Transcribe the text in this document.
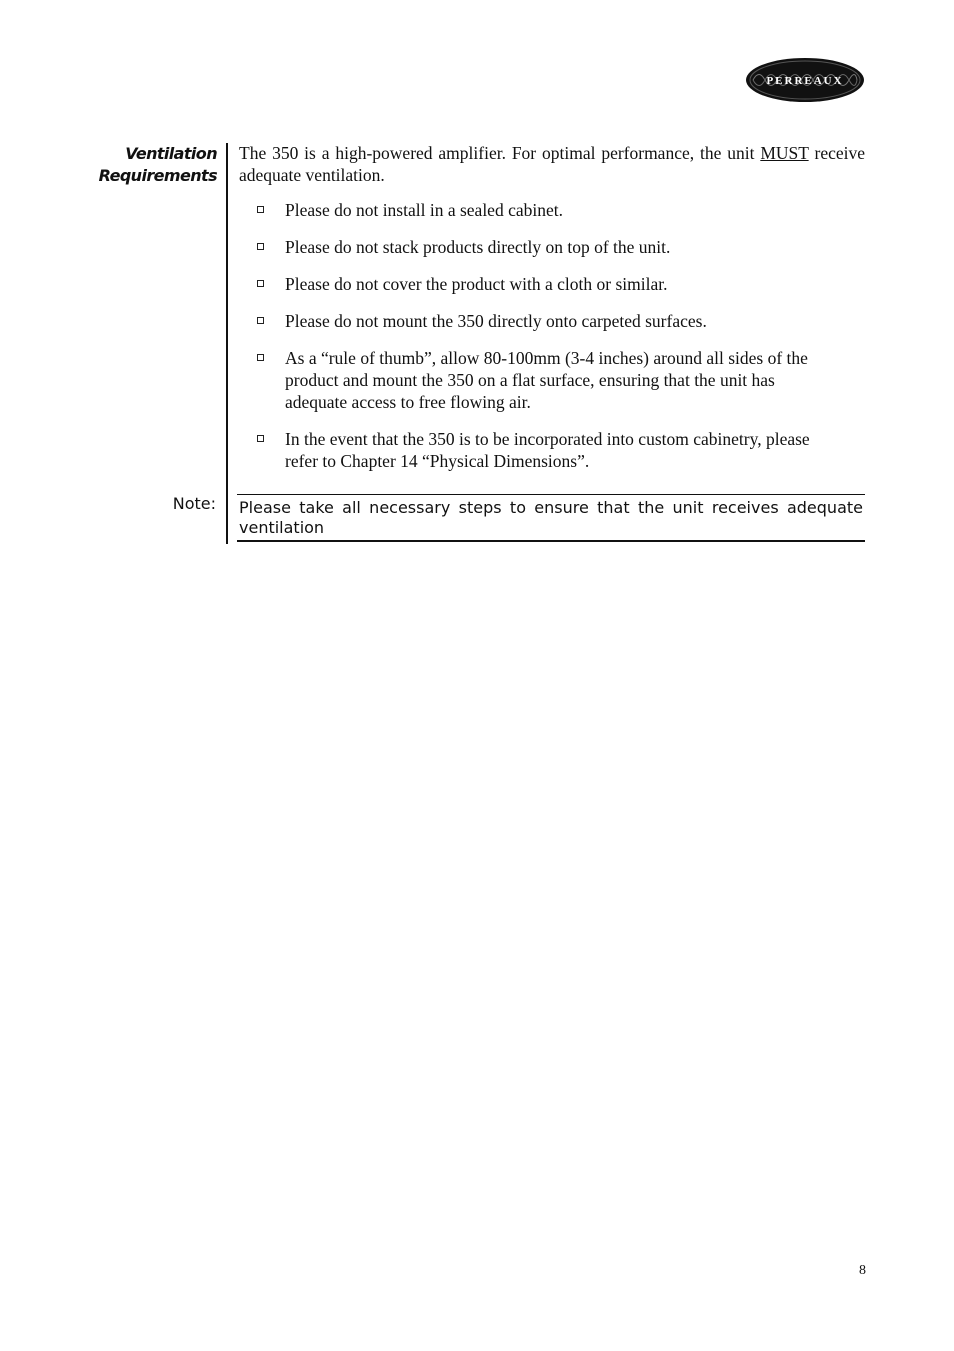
PERREAUX
Ventilation
Requirements

The 350 is a high-powered amplifier. For optimal performance, the unit MUST receive adequate ventilation.

Please do not install in a sealed cabinet.
Please do not stack products directly on top of the unit.
Please do not cover the product with a cloth or similar.
Please do not mount the 350 directly onto carpeted surfaces.
As a “rule of thumb”, allow 80-100mm (3-4 inches) around all sides of the product and mount the 350 on a flat surface, ensuring that the unit has adequate access to free flowing air.
In the event that the 350 is to be incorporated into custom cabinetry, please refer to Chapter 14 “Physical Dimensions”.
Note: Please take all necessary steps to ensure that the unit receives adequate ventilation
8
